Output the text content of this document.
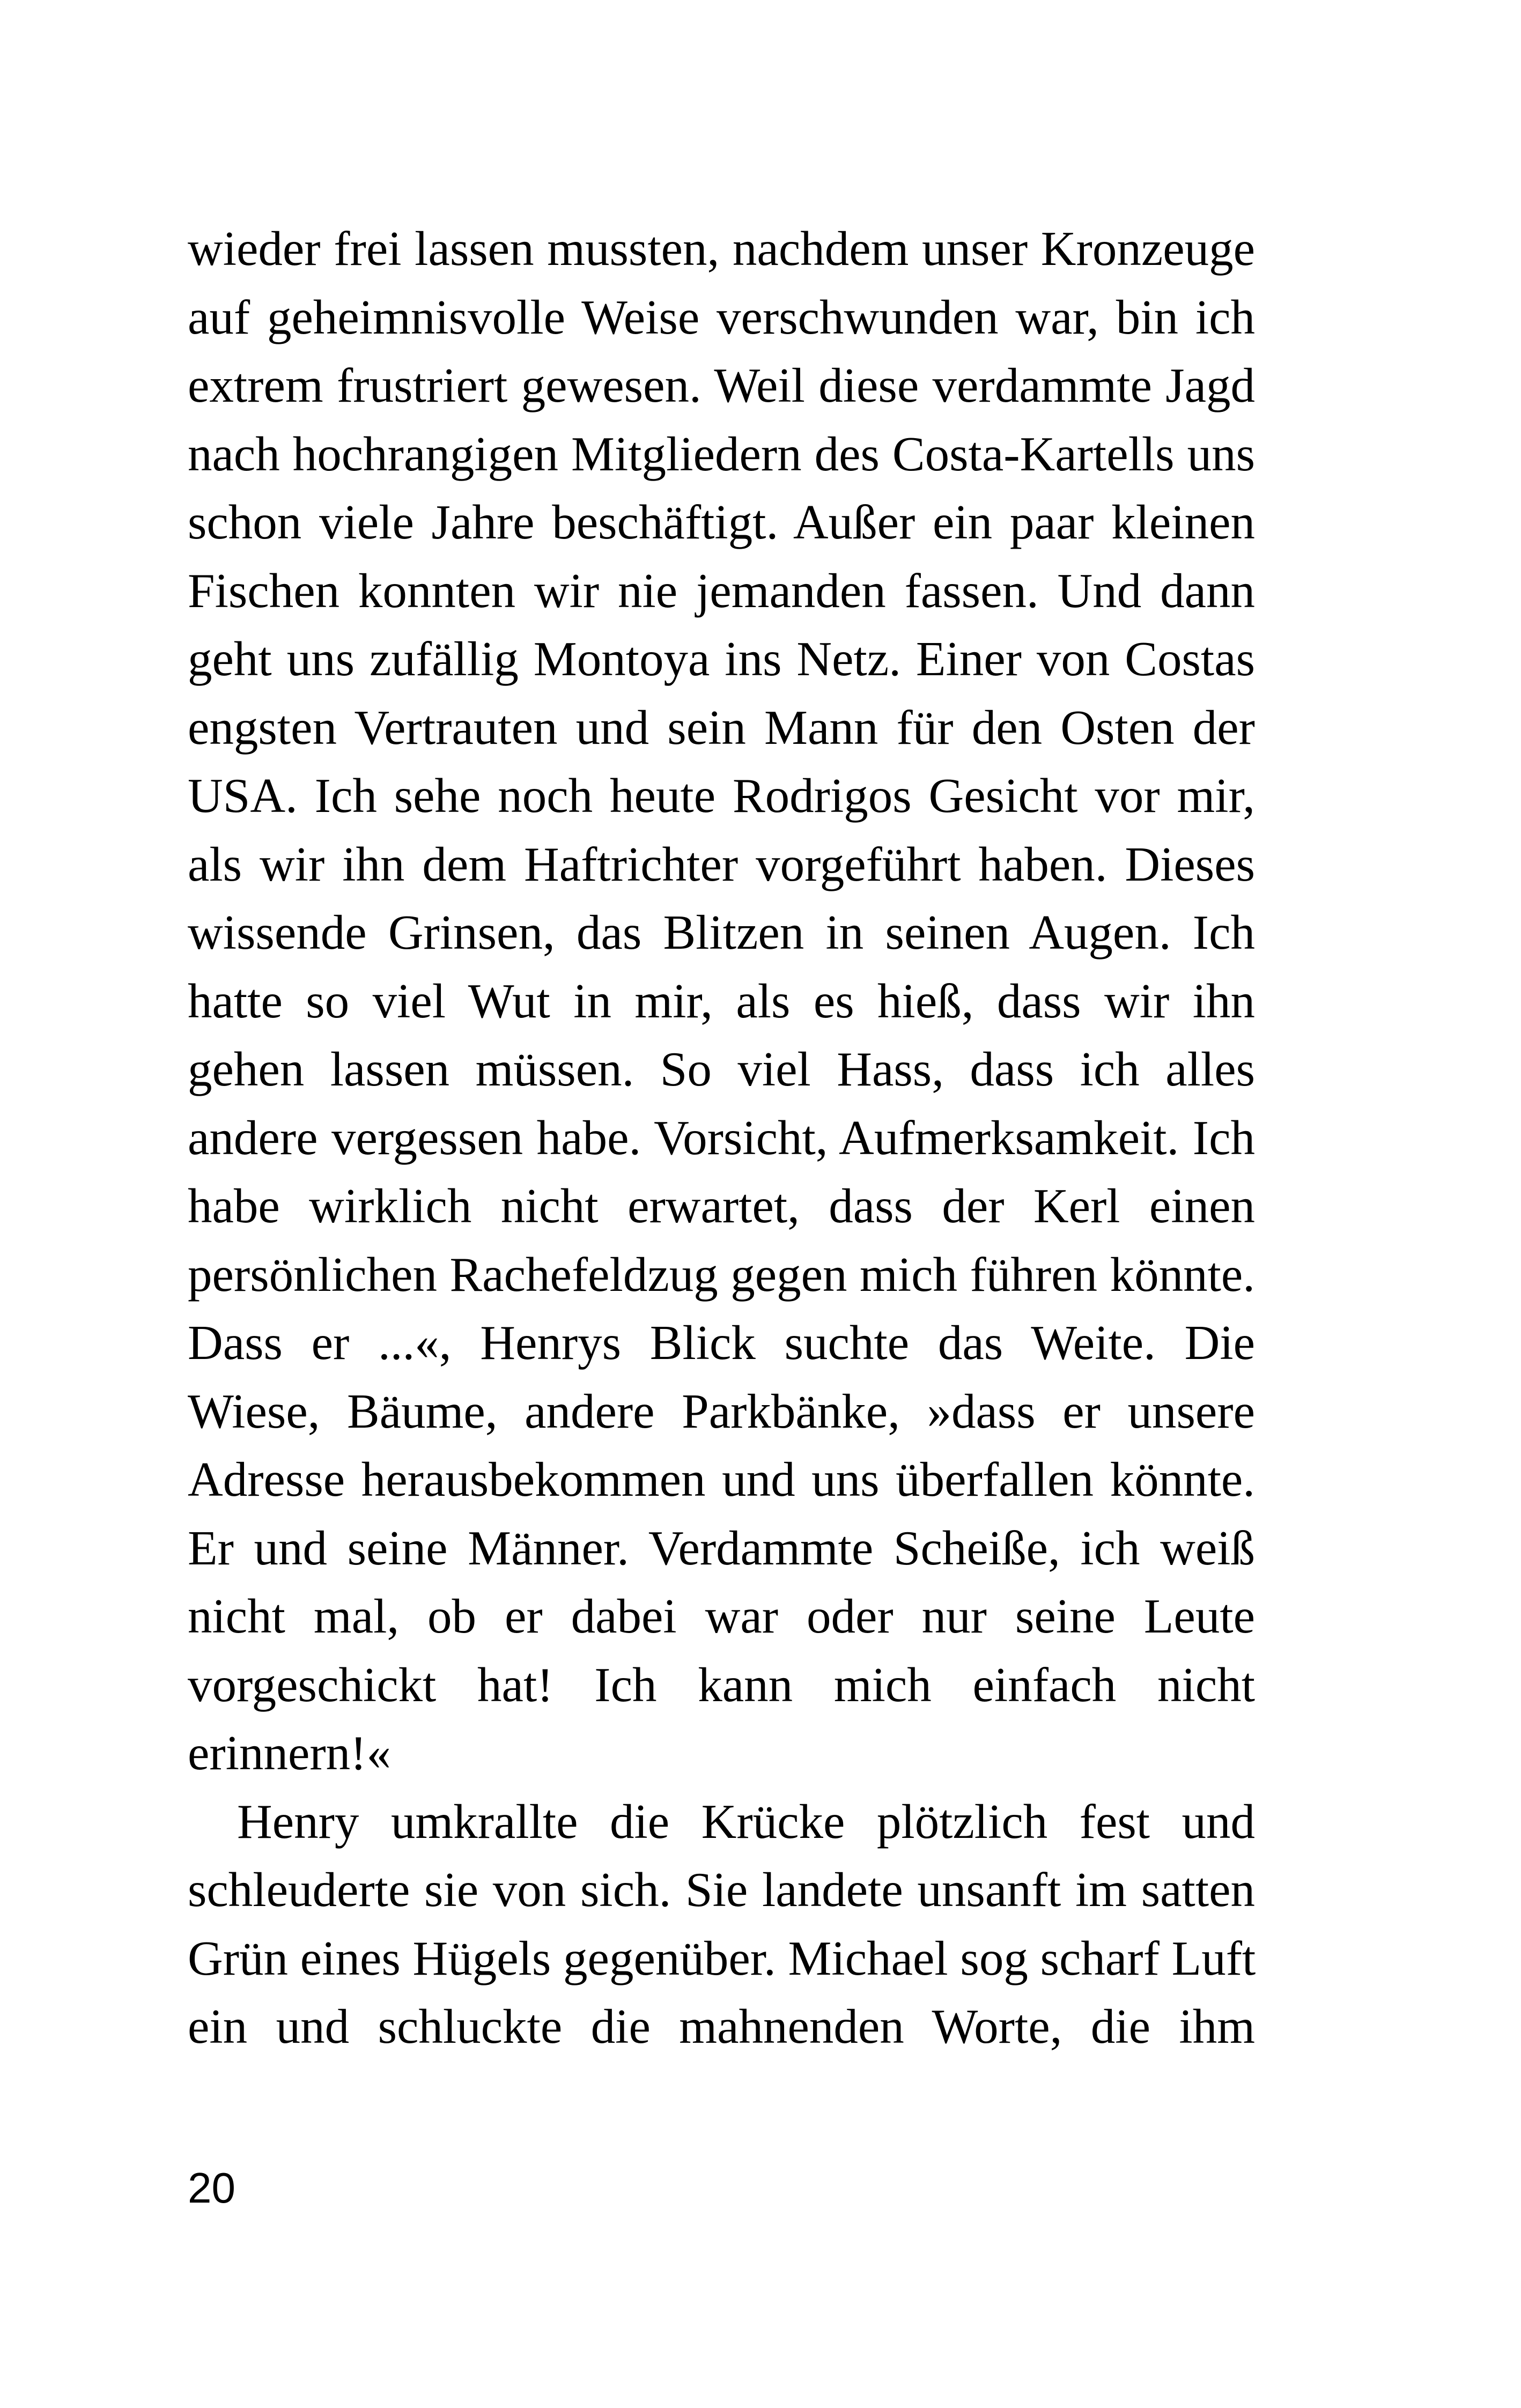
wieder frei lassen mussten, nachdem unser Kronzeuge
auf geheimnisvolle Weise verschwunden war, bin ich
extrem frustriert gewesen. Weil diese verdammte Jagd
nach hochrangigen Mitgliedern des Costa-Kartells uns
schon viele Jahre beschäftigt. Außer ein paar kleinen
Fischen konnten wir nie jemanden fassen. Und dann
geht uns zufällig Montoya ins Netz. Einer von Costas
engsten Vertrauten und sein Mann für den Osten der
USA. Ich sehe noch heute Rodrigos Gesicht vor mir,
als wir ihn dem Haftrichter vorgeführt haben. Dieses
wissende Grinsen, das Blitzen in seinen Augen. Ich
hatte so viel Wut in mir, als es hieß, dass wir ihn
gehen lassen müssen. So viel Hass, dass ich alles
andere vergessen habe. Vorsicht, Aufmerksamkeit. Ich
habe wirklich nicht erwartet, dass der Kerl einen
persönlichen Rachefeldzug gegen mich führen könnte.
Dass er ...«, Henrys Blick suchte das Weite. Die
Wiese, Bäume, andere Parkbänke, »dass er unsere
Adresse herausbekommen und uns überfallen könnte.
Er und seine Männer. Verdammte Scheiße, ich weiß
nicht mal, ob er dabei war oder nur seine Leute
vorgeschickt hat! Ich kann mich einfach nicht
erinnern!«
Henry umkrallte die Krücke plötzlich fest und
schleuderte sie von sich. Sie landete unsanft im satten
Grün eines Hügels gegenüber. Michael sog scharf Luft
ein und schluckte die mahnenden Worte, die ihm
20
